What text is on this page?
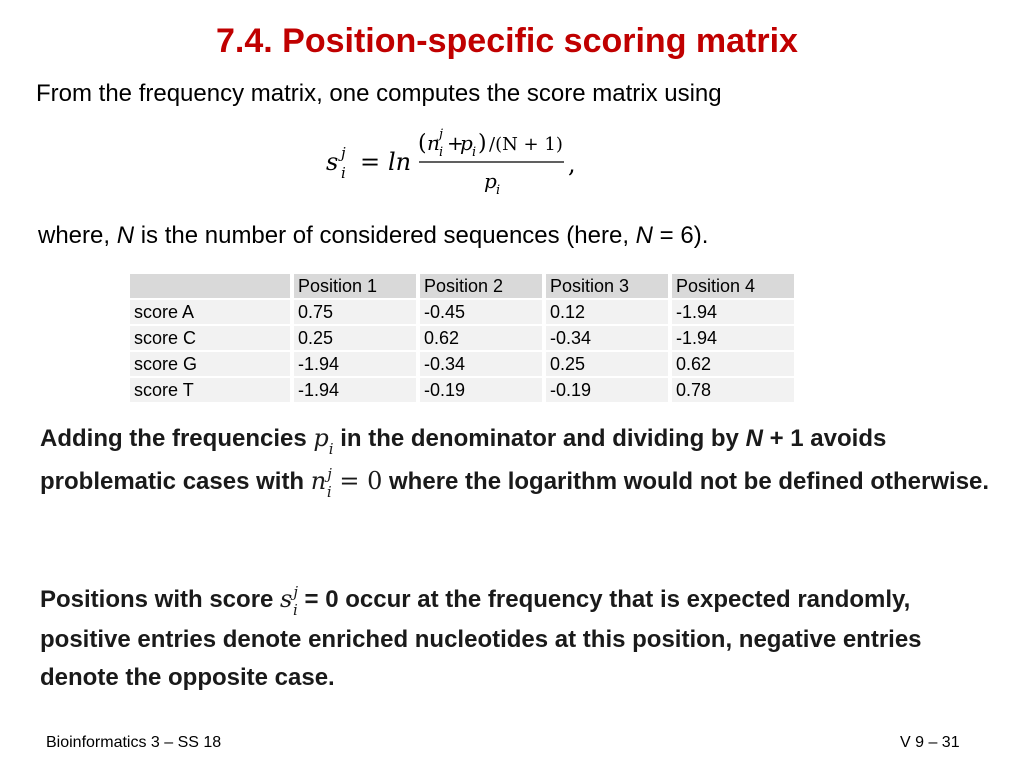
7.4. Position-specific scoring matrix
From the frequency matrix, one computes the score matrix using
s j
i = ln
( n j
i +
p i ) /(N + 1)
p i
,
where, N is the number of considered sequences (here, N = 6).
	Position 1	Position 2	Position 3	Position 4
score A	0.75	-0.45	0.12	-1.94
score C	0.25	0.62	-0.34	-1.94
score G	-1.94	-0.34	0.25	0.62
score T	-1.94	-0.19	-0.19	0.78
Adding the frequencies $p_i$ in the denominator and dividing by N + 1 avoids problematic cases with $n^j_i = 0$ where the logarithm would not be defined otherwise.
Positions with score $s^j_i = 0$ occur at the frequency that is expected randomly, positive entries denote enriched nucleotides at this position, negative entries denote the opposite case.
Bioinformatics 3 – SS 18	V 9 – 31
